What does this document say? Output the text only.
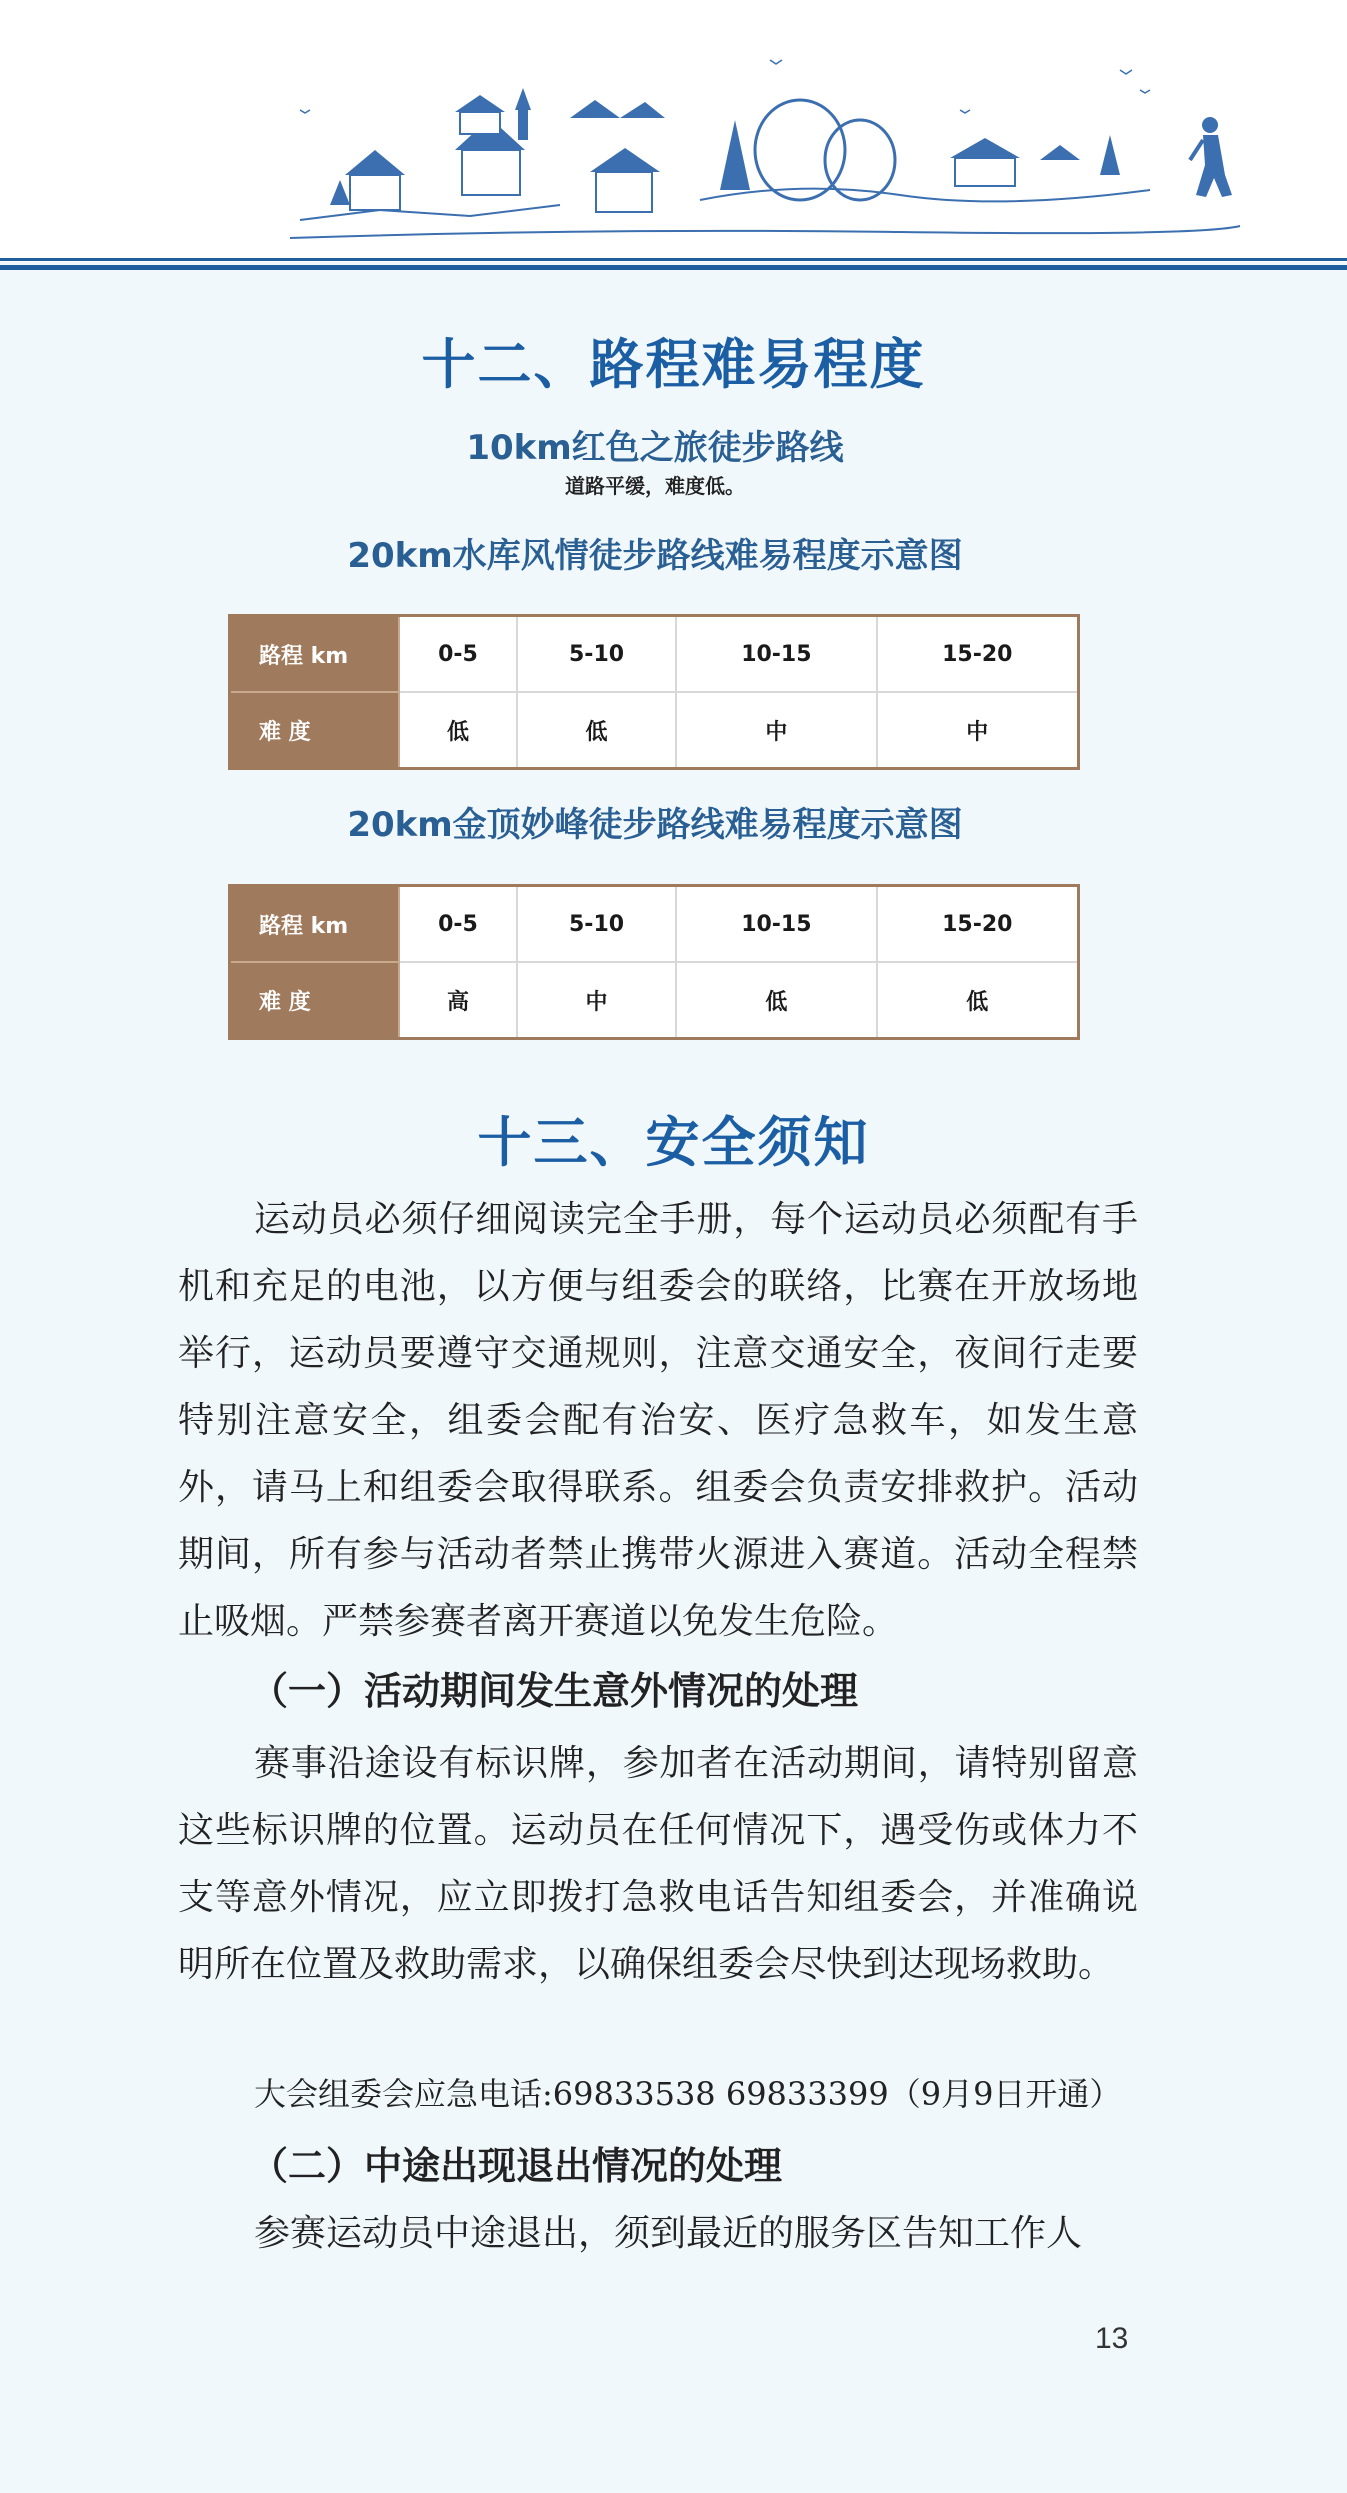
十二、路程难易程度
10km红色之旅徒步路线
道路平缓，难度低。
20km水库风情徒步路线难易程度示意图
路程 km	0-5	5-10	10-15	15-20
难 度	低	低	中	中
20km金顶妙峰徒步路线难易程度示意图
路程 km	0-5	5-10	10-15	15-20
难 度	高	中	低	低
十三、安全须知

运动员必须仔细阅读完全手册，每个运动员必须配有手机和充足的电池，以方便与组委会的联络，比赛在开放场地举行，运动员要遵守交通规则，注意交通安全，夜间行走要特别注意安全，组委会配有治安、医疗急救车，如发生意外，请马上和组委会取得联系。组委会负责安排救护。活动期间，所有参与活动者禁止携带火源进入赛道。活动全程禁止吸烟。严禁参赛者离开赛道以免发生危险。

（一）活动期间发生意外情况的处理

赛事沿途设有标识牌，参加者在活动期间，请特别留意这些标识牌的位置。运动员在任何情况下，遇受伤或体力不支等意外情况，应立即拨打急救电话告知组委会，并准确说明所在位置及救助需求，以确保组委会尽快到达现场救助。

大会组委会应急电话:69833538 69833399（9月9日开通）

（二）中途出现退出情况的处理

参赛运动员中途退出，须到最近的服务区告知工作人

13
